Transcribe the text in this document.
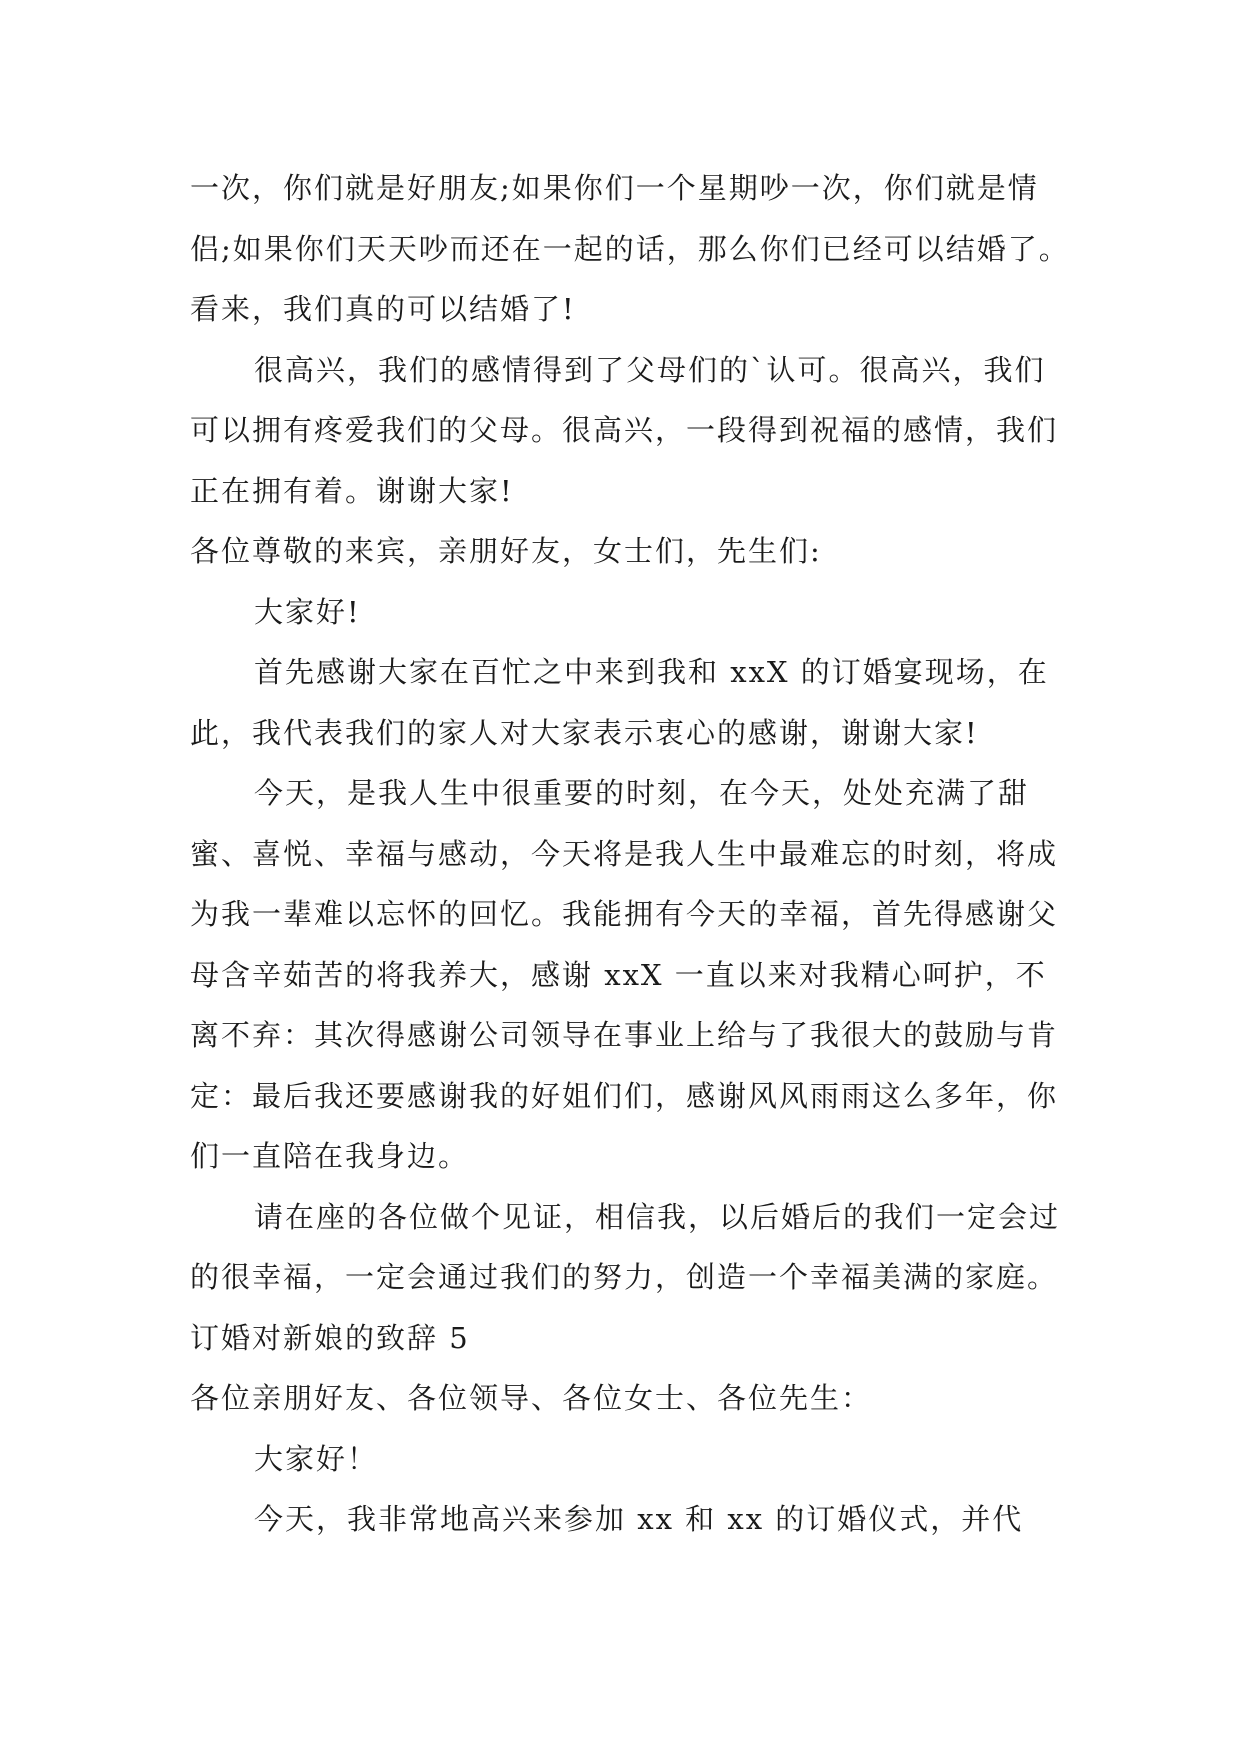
一次，你们就是好朋友;如果你们一个星期吵一次，你们就是情侣;如果你们天天吵而还在一起的话，那么你们已经可以结婚了。看来，我们真的可以结婚了!

很高兴，我们的感情得到了父母们的`认可。很高兴，我们可以拥有疼爱我们的父母。很高兴，一段得到祝福的感情，我们正在拥有着。谢谢大家!

各位尊敬的来宾，亲朋好友，女士们，先生们:

大家好!

首先感谢大家在百忙之中来到我和 xxX 的订婚宴现场，在此，我代表我们的家人对大家表示衷心的感谢，谢谢大家!

今天，是我人生中很重要的时刻，在今天，处处充满了甜蜜、喜悦、幸福与感动，今天将是我人生中最难忘的时刻，将成为我一辈难以忘怀的回忆。我能拥有今天的幸福，首先得感谢父母含辛茹苦的将我养大，感谢 xxX 一直以来对我精心呵护，不离不弃：其次得感谢公司领导在事业上给与了我很大的鼓励与肯定：最后我还要感谢我的好姐们们，感谢风风雨雨这么多年，你们一直陪在我身边。

请在座的各位做个见证，相信我，以后婚后的我们一定会过的很幸福，一定会通过我们的努力，创造一个幸福美满的家庭。

订婚对新娘的致辞 5

各位亲朋好友、各位领导、各位女士、各位先生：

大家好！

今天，我非常地高兴来参加 xx 和 xx 的订婚仪式，并代
